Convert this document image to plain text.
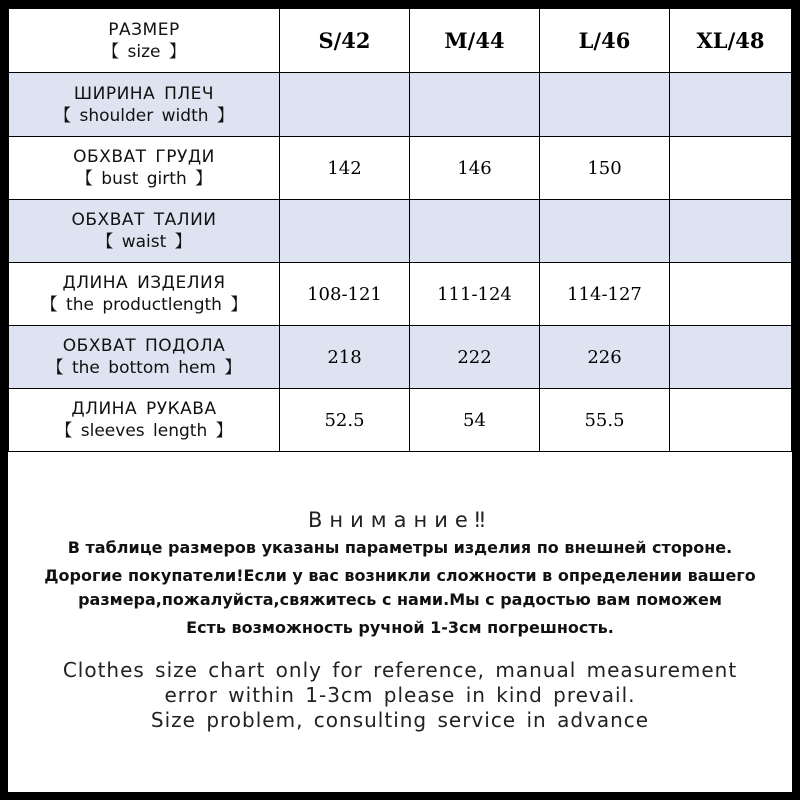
РАЗМЕР
【 size 】	S/42	M/44	L/46	XL/48

ШИРИНА ПЛЕЧ
【 shoulder width 】				

ОБХВАТ ГРУДИ
【 bust girth 】	142	146	150	

ОБХВАТ ТАЛИИ
【 waist 】				

ДЛИНА ИЗДЕЛИЯ
【 the productlength 】	108-121	111-124	114-127	

ОБХВАТ ПОДОЛА
【 the bottom hem 】	218	222	226	

ДЛИНА РУКАВА
【 sleeves length 】	52.5	54	55.5	
Внимание‼
В таблице размеров указаны параметры изделия по внешней стороне.
Дорогие покупатели!Если у вас возникли сложности в определении вашего
размера,пожалуйста,свяжитесь с нами.Мы с радостью вам поможем
Есть возможность ручной 1-3см погрешность.
Clothes size chart only for reference, manual measurement
error within 1-3cm please in kind prevail.
Size problem, consulting service in advance
